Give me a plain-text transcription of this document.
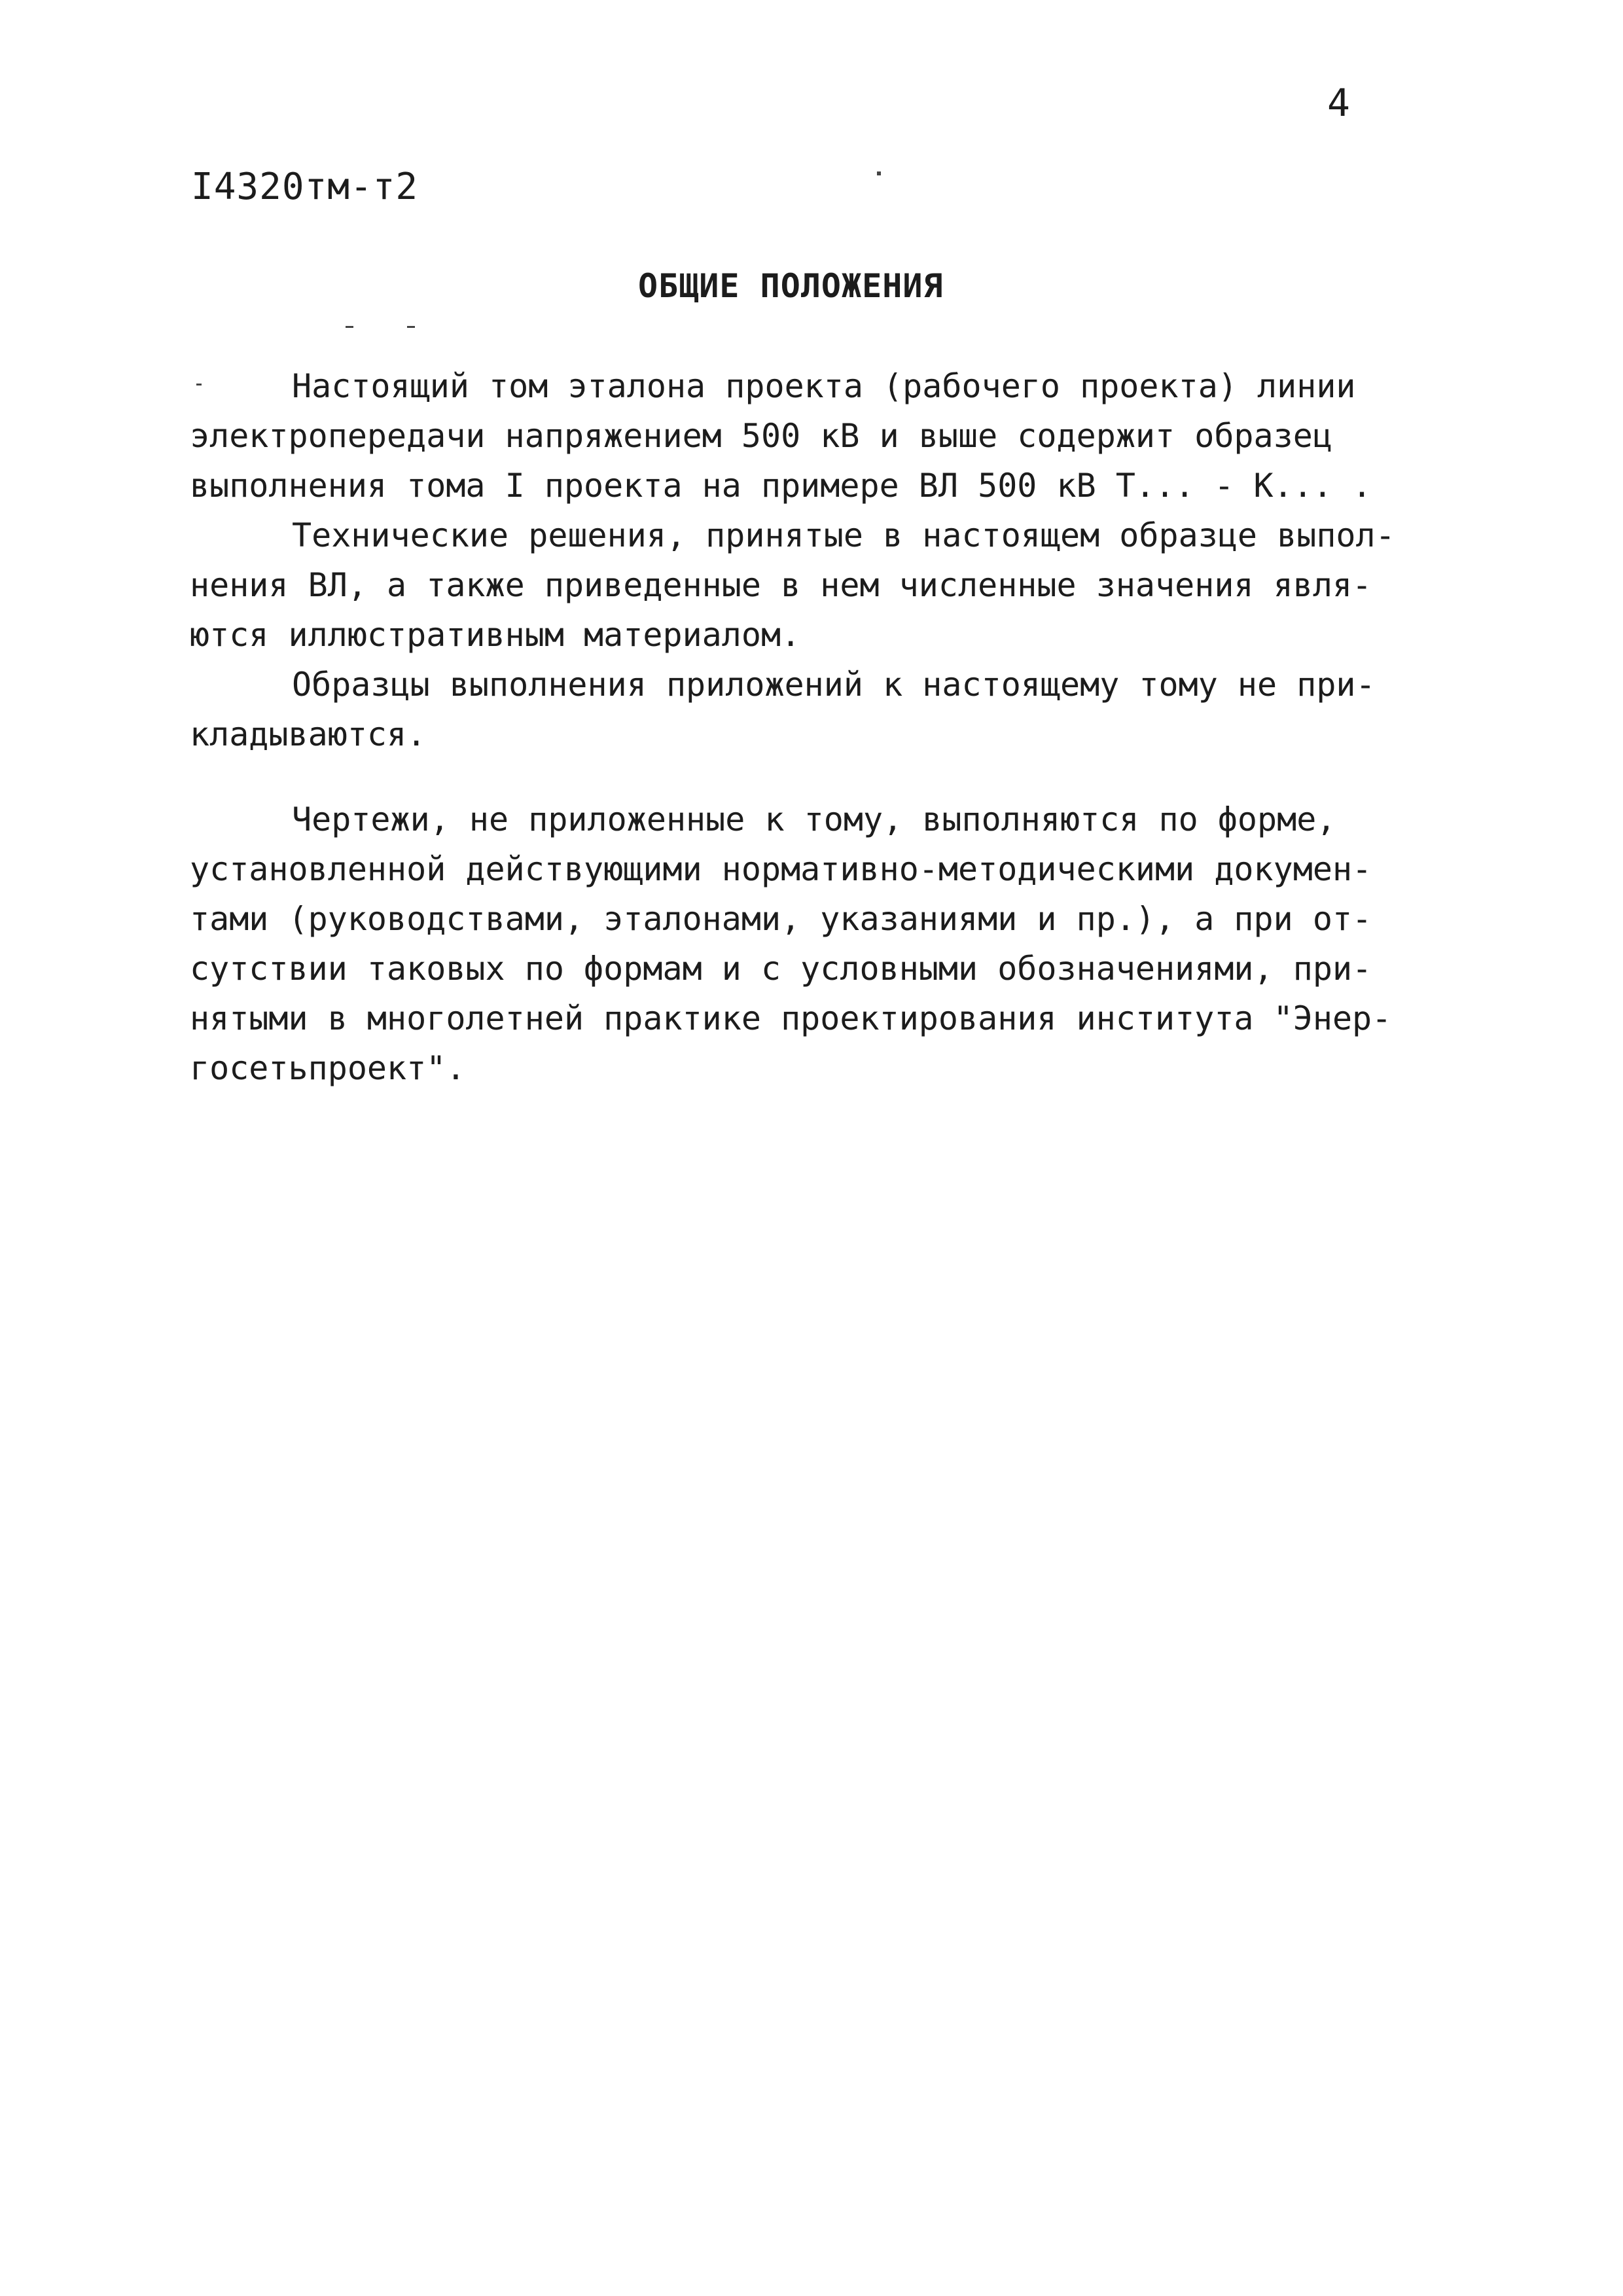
4
I4320тм-т2
ОБЩИЕ ПОЛОЖЕНИЯ
Настоящий том эталона проекта (рабочего проекта) линии
электропередачи напряжением 500 кВ и выше содержит образец
выполнения тома I проекта на примере ВЛ 500 кВ Т... - К... .
Технические решения, принятые в настоящем образце выпол-
нения ВЛ, а также приведенные в нем численные значения явля-
ются иллюстративным материалом.
Образцы выполнения приложений к настоящему тому не при-
кладываются.
Чертежи, не приложенные к тому, выполняются по форме,
установленной действующими нормативно-методическими докумен-
тами (руководствами, эталонами, указаниями и пр.), а при от-
сутствии таковых по формам и с условными обозначениями, при-
нятыми в многолетней практике проектирования института "Энер-
госетьпроект".
